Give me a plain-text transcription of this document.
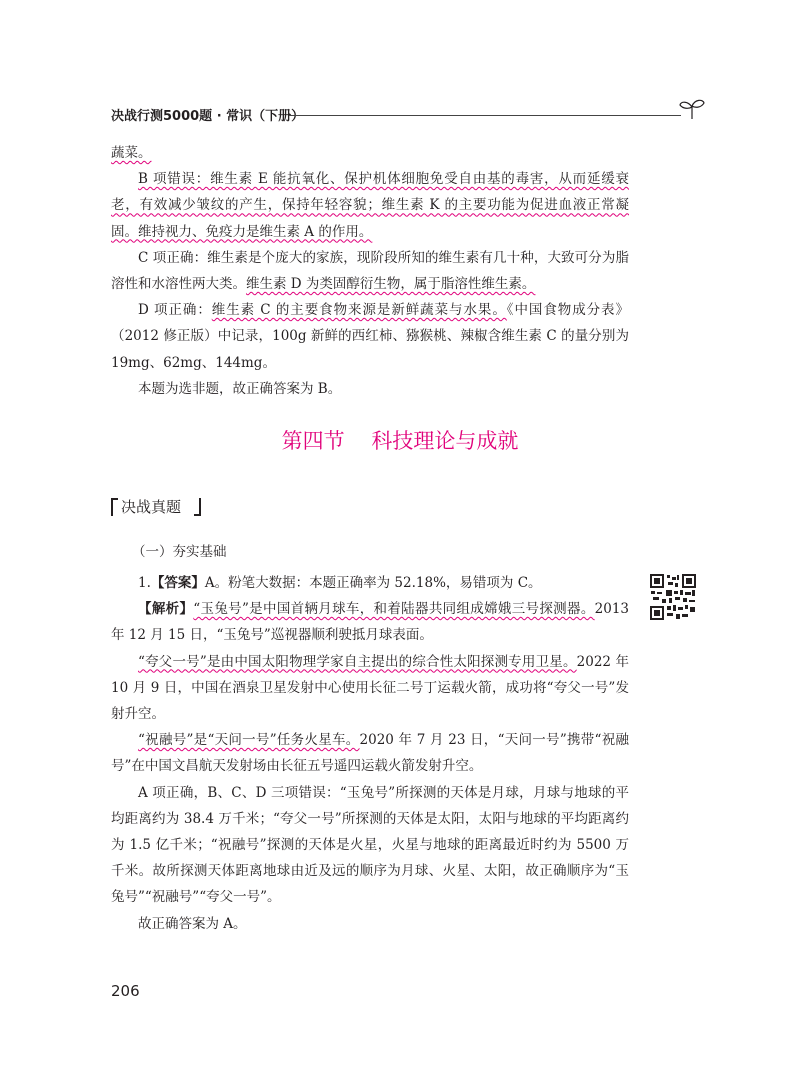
决战行测5000题 · 常识（下册）

蔬菜。

B 项错误：维生素 E 能抗氧化、保护机体细胞免受自由基的毒害，从而延缓衰老，有效减少皱纹的产生，保持年轻容貌；维生素 K 的主要功能为促进血液正常凝固。维持视力、免疫力是维生素 A 的作用。

C 项正确：维生素是个庞大的家族，现阶段所知的维生素有几十种，大致可分为脂溶性和水溶性两大类。维生素 D 为类固醇衍生物，属于脂溶性维生素。

D 项正确：维生素 C 的主要食物来源是新鲜蔬菜与水果。《中国食物成分表》（2012 修正版）中记录，100g 新鲜的西红柿、猕猴桃、辣椒含维生素 C 的量分别为 19mg、62mg、144mg。

本题为选非题，故正确答案为 B。

第四节 科技理论与成就
决战真题
（一）夯实基础

1.【答案】A。粉笔大数据：本题正确率为 52.18%，易错项为 C。

【解析】“玉兔号”是中国首辆月球车，和着陆器共同组成嫦娥三号探测器。2013 年 12 月 15 日，“玉兔号”巡视器顺利驶抵月球表面。

“夸父一号”是由中国太阳物理学家自主提出的综合性太阳探测专用卫星。2022 年 10 月 9 日，中国在酒泉卫星发射中心使用长征二号丁运载火箭，成功将“夸父一号”发射升空。

“祝融号”是“天问一号”任务火星车。2020 年 7 月 23 日，“天问一号”携带“祝融号”在中国文昌航天发射场由长征五号遥四运载火箭发射升空。

A 项正确，B、C、D 三项错误：“玉兔号”所探测的天体是月球，月球与地球的平均距离约为 38.4 万千米；“夸父一号”所探测的天体是太阳，太阳与地球的平均距离约为 1.5 亿千米；“祝融号”探测的天体是火星，火星与地球的距离最近时约为 5500 万千米。故所探测天体距离地球由近及远的顺序为月球、火星、太阳，故正确顺序为“玉兔号”“祝融号”“夸父一号”。

故正确答案为 A。

206
